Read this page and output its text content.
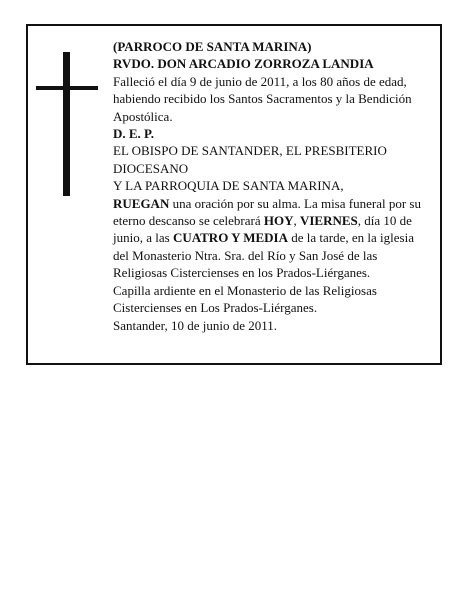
(PARROCO DE SANTA MARINA)

RVDO. DON ARCADIO ZORROZA LANDIA

Falleció el día 9 de junio de 2011, a los 80 años de edad, habiendo recibido los Santos Sacramentos y la Bendición Apostólica.

D. E. P.

EL OBISPO DE SANTANDER, EL PRESBITERIO DIOCESANO

Y LA PARROQUIA DE SANTA MARINA,

RUEGAN una oración por su alma. La misa funeral por su eterno descanso se celebrará HOY, VIERNES, día 10 de junio, a las CUATRO Y MEDIA de la tarde, en la iglesia del Monasterio Ntra. Sra. del Río y San José de las Religiosas Cistercienses en los Prados-Liérganes.

Capilla ardiente en el Monasterio de las Religiosas Cistercienses en Los Prados-Liérganes.

Santander, 10 de junio de 2011.
